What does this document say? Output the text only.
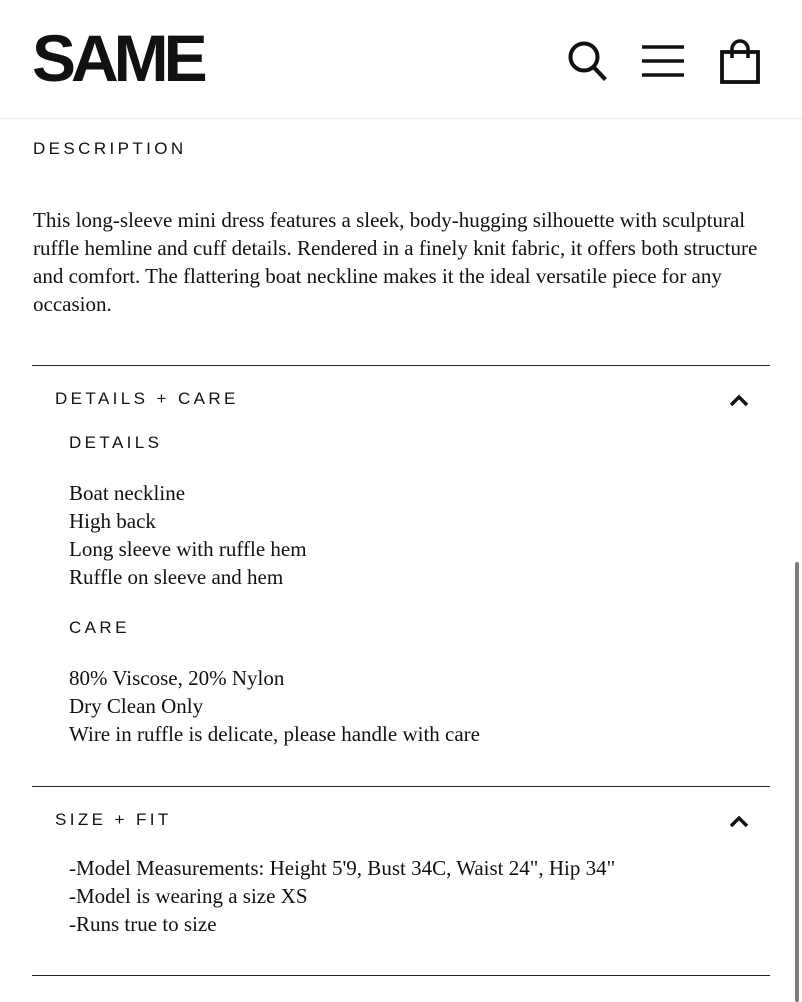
SAME
DESCRIPTION

This long-sleeve mini dress features a sleek, body-hugging silhouette with sculptural ruffle hemline and cuff details. Rendered in a finely knit fabric, it offers both structure and comfort. The flattering boat neckline makes it the ideal versatile piece for any occasion.

DETAILS + CARE
DETAILS
Boat neckline
High back
Long sleeve with ruffle hem
Ruffle on sleeve and hem
CARE
80% Viscose, 20% Nylon
Dry Clean Only
Wire in ruffle is delicate, please handle with care
SIZE + FIT
-Model Measurements: Height 5'9, Bust 34C, Waist 24", Hip 34"
-Model is wearing a size XS
-Runs true to size
